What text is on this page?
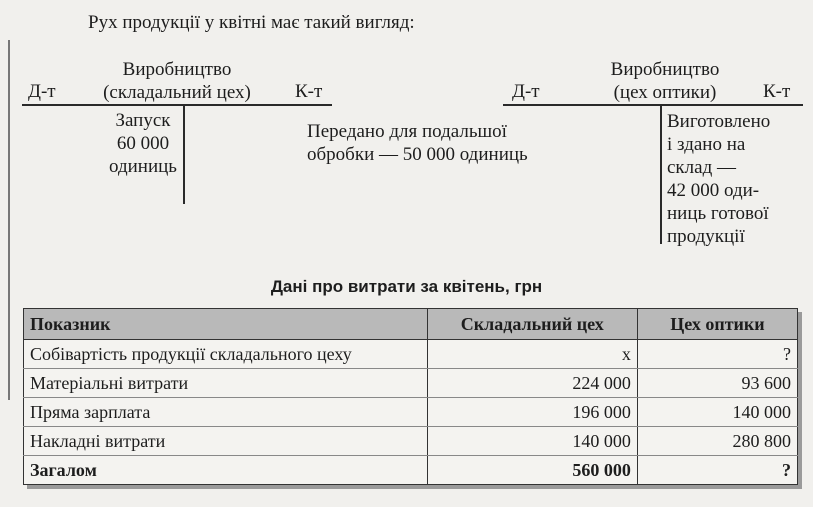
Рух продукції у квітні має такий вигляд:
Виробництво
(складальний цех)
Д-т	К-т
Запуск
60 000
одиниць
Передано для подальшої
обробки — 50 000 одиниць
Виробництво
(цех оптики)
Д-т	К-т
Виготовлено
і здано на
склад —
42 000 оди-
ниць готової
продукції
Дані про витрати за квітень, грн
Показник	Складальний цех	Цех оптики
Собівартість продукції складального цеху	x	?
Матеріальні витрати	224 000	93 600
Пряма зарплата	196 000	140 000
Накладні витрати	140 000	280 800
Загалом	560 000	?
